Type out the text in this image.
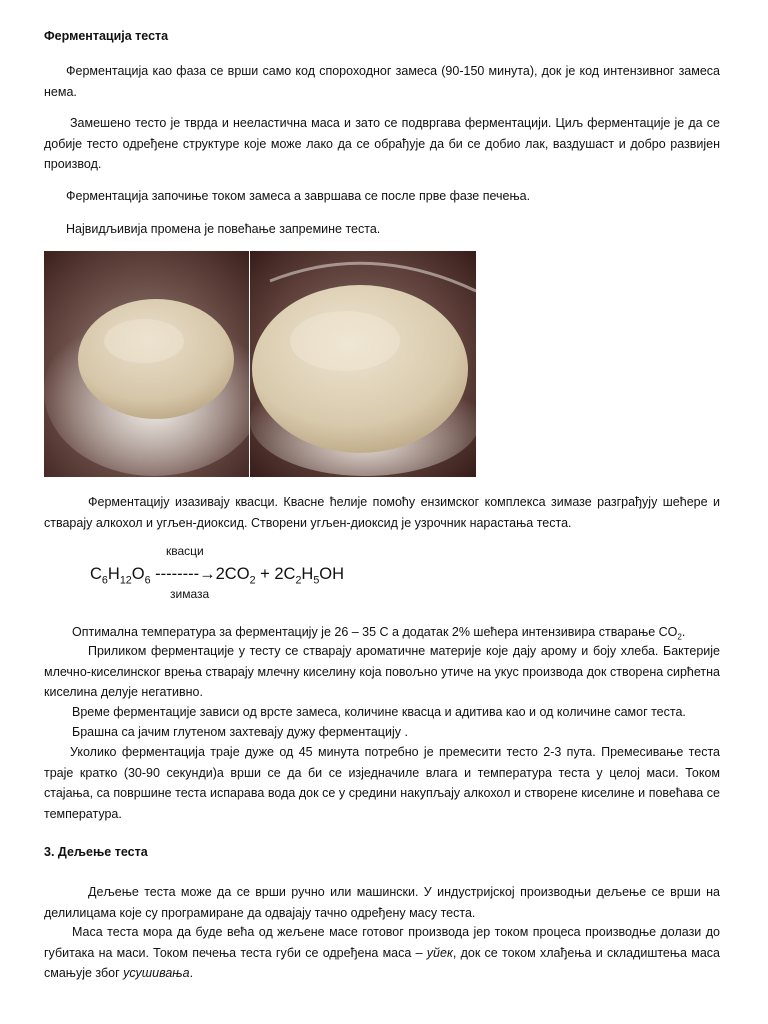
Ферментација теста
Ферментација као фаза се врши само код спороходног замеса (90-150 минута), док је код интензивног замеса нема.
Замешено тесто је тврда и нееластична маса и зато се подвргава ферментацији. Циљ ферментације је да се добије тесто одређене структуре које може лако да се обрађује да би се добио лак, ваздушаст и добро развијен производ.
Ферментација започиње током замеса а завршава се после прве фазе печења.
Највидљивија промена је повећање запремине теста.
Ферментацију изазивају квасци. Квасне ћелије помоћу ензимског комплекса зимазе разграђују шећере и стварају алкохол и угљен-диоксид. Створени угљен-диоксид је узрочник нарастања теста.
квасци
$C_6H_{12}O_6$ $--------\to 2CO_2 + 2C_2H_5OH$
зимаза
Оптимална температура за ферментацију је 26 – 35 С а додатак 2% шећера интензивира стварање $CO_2$.
Приликом ферментације у тесту се стварају ароматичне материје које дају арому и боју хлеба. Бактерије млечно-киселинског врења стварају млечну киселину која повољно утиче на укус производа док створена сирћетна киселина делује негативно.
Време ферментације зависи од врсте замеса, количине квасца и адитива као и од количине самог теста.
Брашна са јачим глутеном захтевају дужу ферментацију .
Уколико ферментација траје дуже од 45 минута потребно је премесити тесто 2-3 пута. Премесивање теста траје кратко (30-90 секунди)а врши се да би се изједначиле влага и температура теста у целој маси. Током стајања, са површине теста испарава вода док се у средини накупљају алкохол и створене киселине и повећава се температура.
3. Дељење теста
Дељење теста може да се врши ручно или машински. У индустријској производњи дељење се врши на делилицама које су програмиране да одвајају тачно одређену масу теста.
Маса теста мора да буде већа од жељене масе готовог производа јер током процеса производње долази до губитака на маси. Током печења теста губи се одређена маса – уйек, док се током хлађења и складиштења маса смањује због усушивања.
